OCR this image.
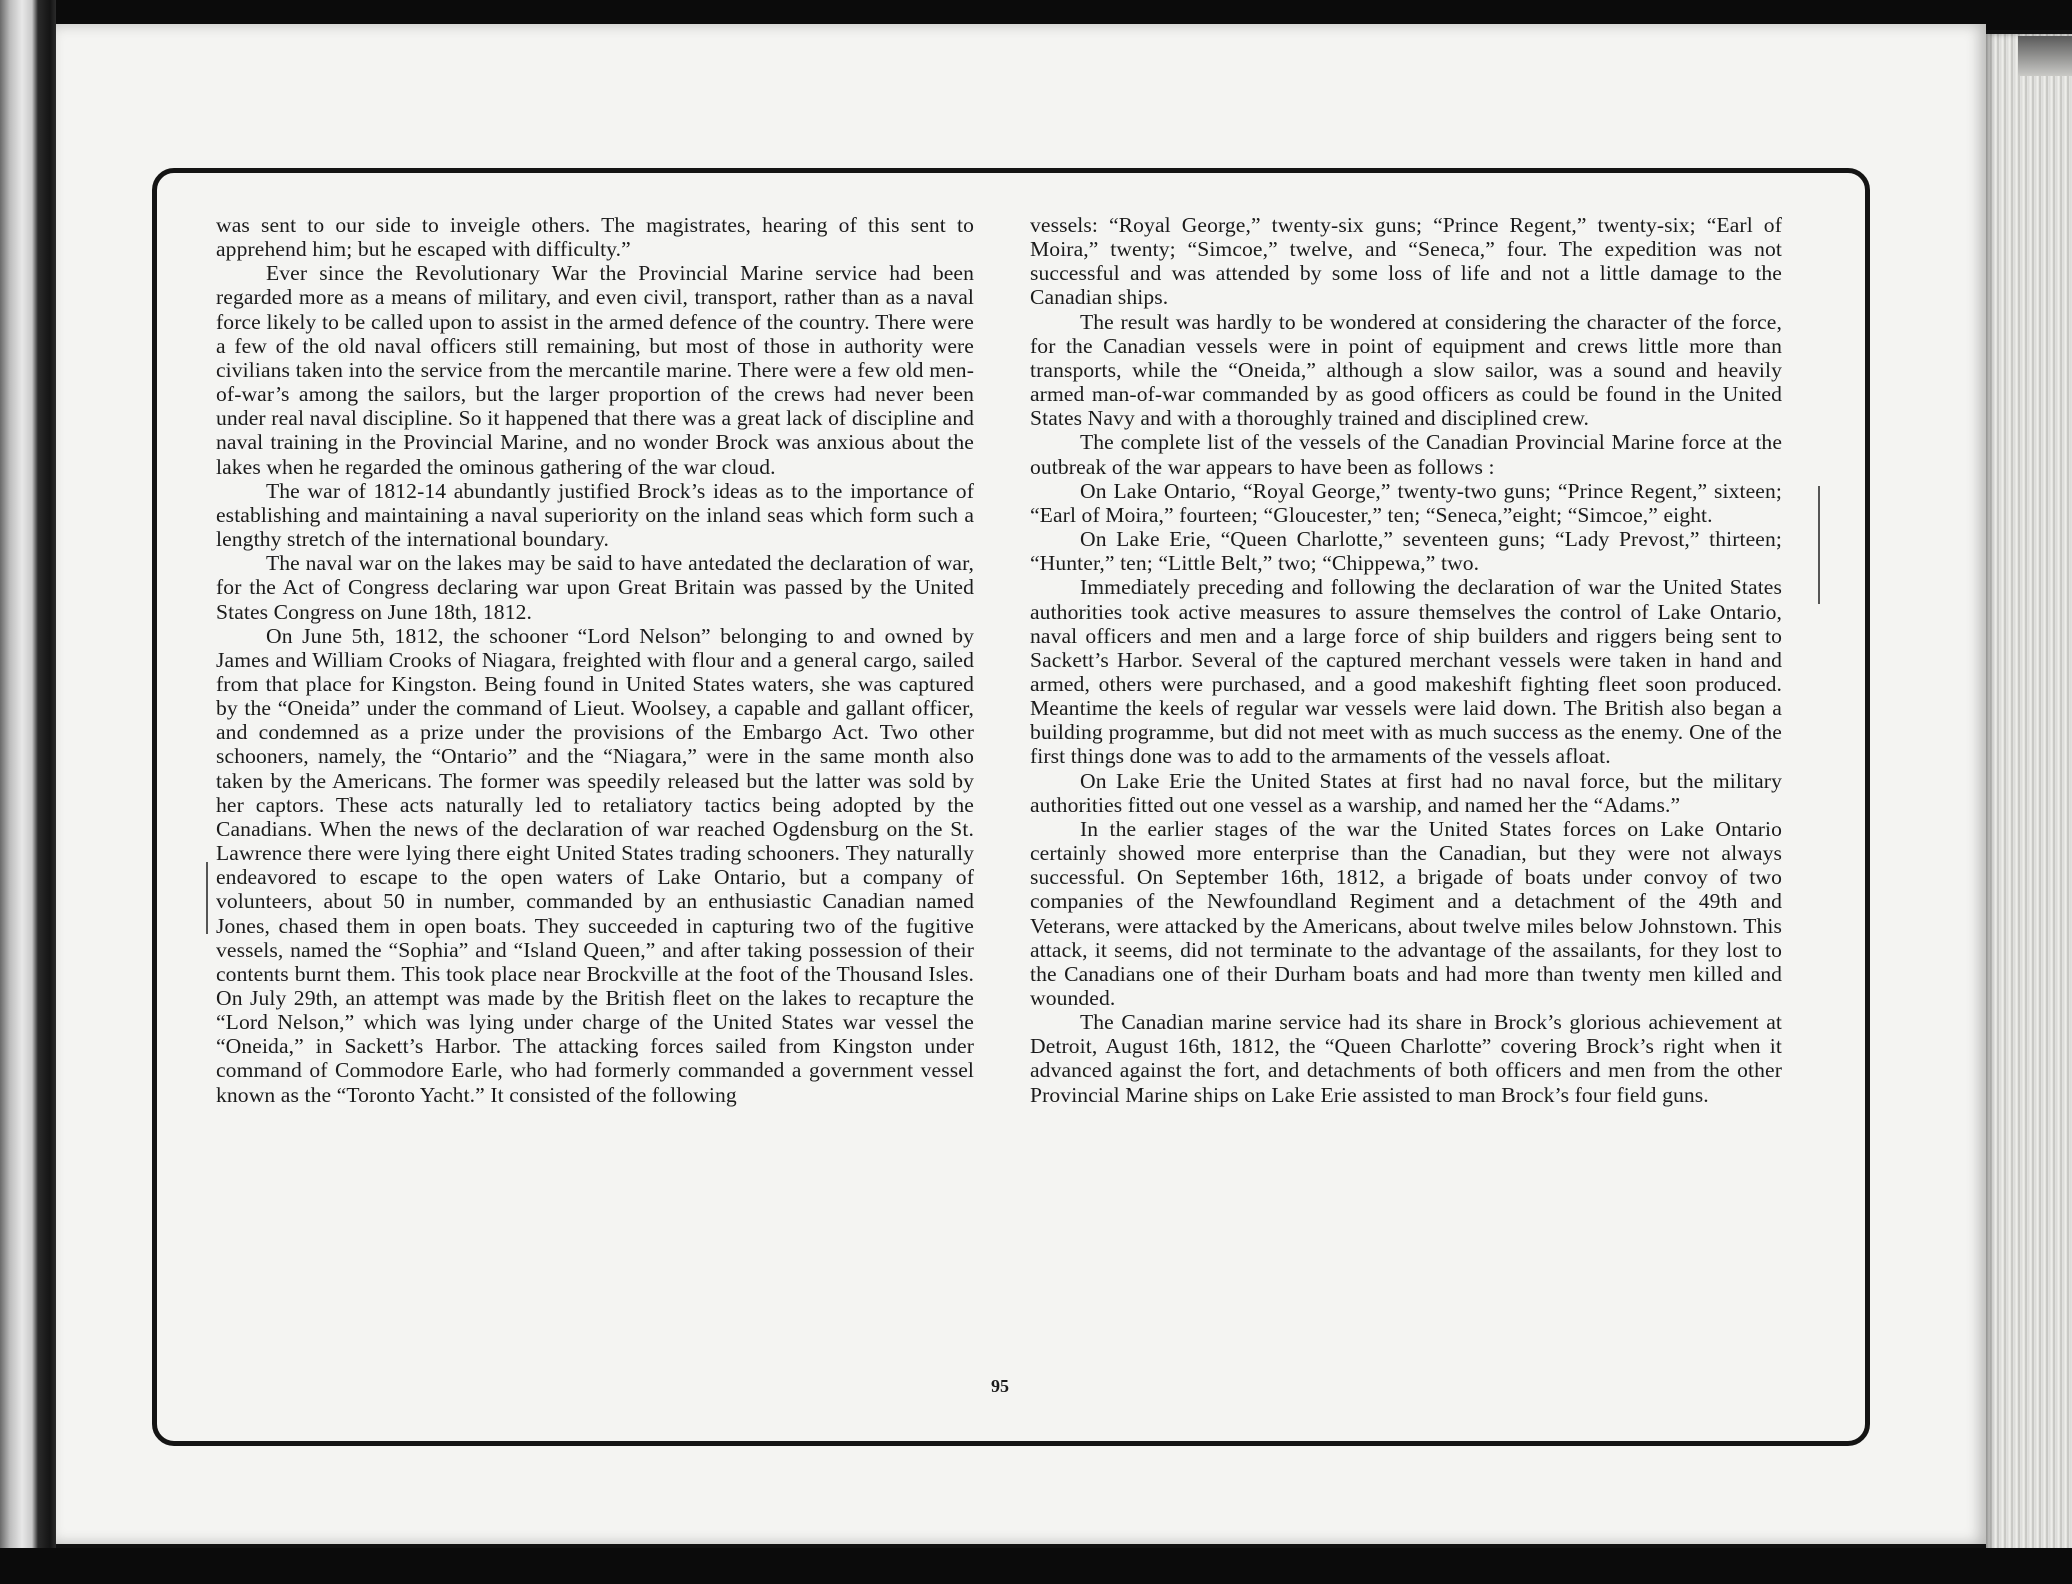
was sent to our side to inveigle others. The magistrates, hearing of this sent to apprehend him; but he escaped with difficulty.”

Ever since the Revolutionary War the Provincial Marine service had been regarded more as a means of military, and even civil, transport, rather than as a naval force likely to be called upon to assist in the armed defence of the country. There were a few of the old naval officers still remaining, but most of those in authority were civilians taken into the service from the mercantile marine. There were a few old men-of-war’s among the sailors, but the larger proportion of the crews had never been under real naval discipline. So it happened that there was a great lack of discipline and naval training in the Provincial Marine, and no wonder Brock was anxious about the lakes when he regarded the ominous gathering of the war cloud.

The war of 1812-14 abundantly justified Brock’s ideas as to the importance of establishing and maintaining a naval superiority on the inland seas which form such a lengthy stretch of the international boundary.

The naval war on the lakes may be said to have antedated the declaration of war, for the Act of Congress declaring war upon Great Britain was passed by the United States Congress on June 18th, 1812.

On June 5th, 1812, the schooner “Lord Nelson” belonging to and owned by James and William Crooks of Niagara, freighted with flour and a general cargo, sailed from that place for Kingston. Being found in United States waters, she was captured by the “Oneida” under the command of Lieut. Woolsey, a capable and gallant officer, and condemned as a prize under the provisions of the Embargo Act. Two other schooners, namely, the “Ontario” and the “Niagara,” were in the same month also taken by the Americans. The former was speedily released but the latter was sold by her captors. These acts naturally led to retaliatory tactics being adopted by the Canadians. When the news of the declaration of war reached Ogdensburg on the St. Lawrence there were lying there eight United States trading schooners. They naturally endeavored to escape to the open waters of Lake Ontario, but a company of volunteers, about 50 in number, commanded by an enthusiastic Canadian named Jones, chased them in open boats. They succeeded in capturing two of the fugitive vessels, named the “Sophia” and “Island Queen,” and after taking possession of their contents burnt them. This took place near Brockville at the foot of the Thousand Isles. On July 29th, an attempt was made by the British fleet on the lakes to recapture the “Lord Nelson,” which was lying under charge of the United States war vessel the “Oneida,” in Sackett’s Harbor. The attacking forces sailed from Kingston under command of Commodore Earle, who had formerly commanded a government vessel known as the “Toronto Yacht.” It consisted of the following

vessels: “Royal George,” twenty-six guns; “Prince Regent,” twenty-six; “Earl of Moira,” twenty; “Simcoe,” twelve, and “Seneca,” four. The expedition was not successful and was attended by some loss of life and not a little damage to the Canadian ships.

The result was hardly to be wondered at considering the character of the force, for the Canadian vessels were in point of equipment and crews little more than transports, while the “Oneida,” although a slow sailor, was a sound and heavily armed man-of-war commanded by as good officers as could be found in the United States Navy and with a thoroughly trained and disciplined crew.

The complete list of the vessels of the Canadian Provincial Marine force at the outbreak of the war appears to have been as follows :

On Lake Ontario, “Royal George,” twenty-two guns; “Prince Regent,” sixteen; “Earl of Moira,” fourteen; “Gloucester,” ten; “Seneca,”eight; “Simcoe,” eight.

On Lake Erie, “Queen Charlotte,” seventeen guns; “Lady Prevost,” thirteen; “Hunter,” ten; “Little Belt,” two; “Chippewa,” two.

Immediately preceding and following the declaration of war the United States authorities took active measures to assure themselves the control of Lake Ontario, naval officers and men and a large force of ship builders and riggers being sent to Sackett’s Harbor. Several of the captured merchant vessels were taken in hand and armed, others were purchased, and a good makeshift fighting fleet soon produced. Meantime the keels of regular war vessels were laid down. The British also began a building programme, but did not meet with as much success as the enemy. One of the first things done was to add to the armaments of the vessels afloat.

On Lake Erie the United States at first had no naval force, but the military authorities fitted out one vessel as a warship, and named her the “Adams.”

In the earlier stages of the war the United States forces on Lake Ontario certainly showed more enterprise than the Canadian, but they were not always successful. On September 16th, 1812, a brigade of boats under convoy of two companies of the Newfoundland Regiment and a detachment of the 49th and Veterans, were attacked by the Americans, about twelve miles below Johnstown. This attack, it seems, did not terminate to the advantage of the assailants, for they lost to the Canadians one of their Durham boats and had more than twenty men killed and wounded.

The Canadian marine service had its share in Brock’s glorious achievement at Detroit, August 16th, 1812, the “Queen Charlotte” covering Brock’s right when it advanced against the fort, and detachments of both officers and men from the other Provincial Marine ships on Lake Erie assisted to man Brock’s four field guns.

95
